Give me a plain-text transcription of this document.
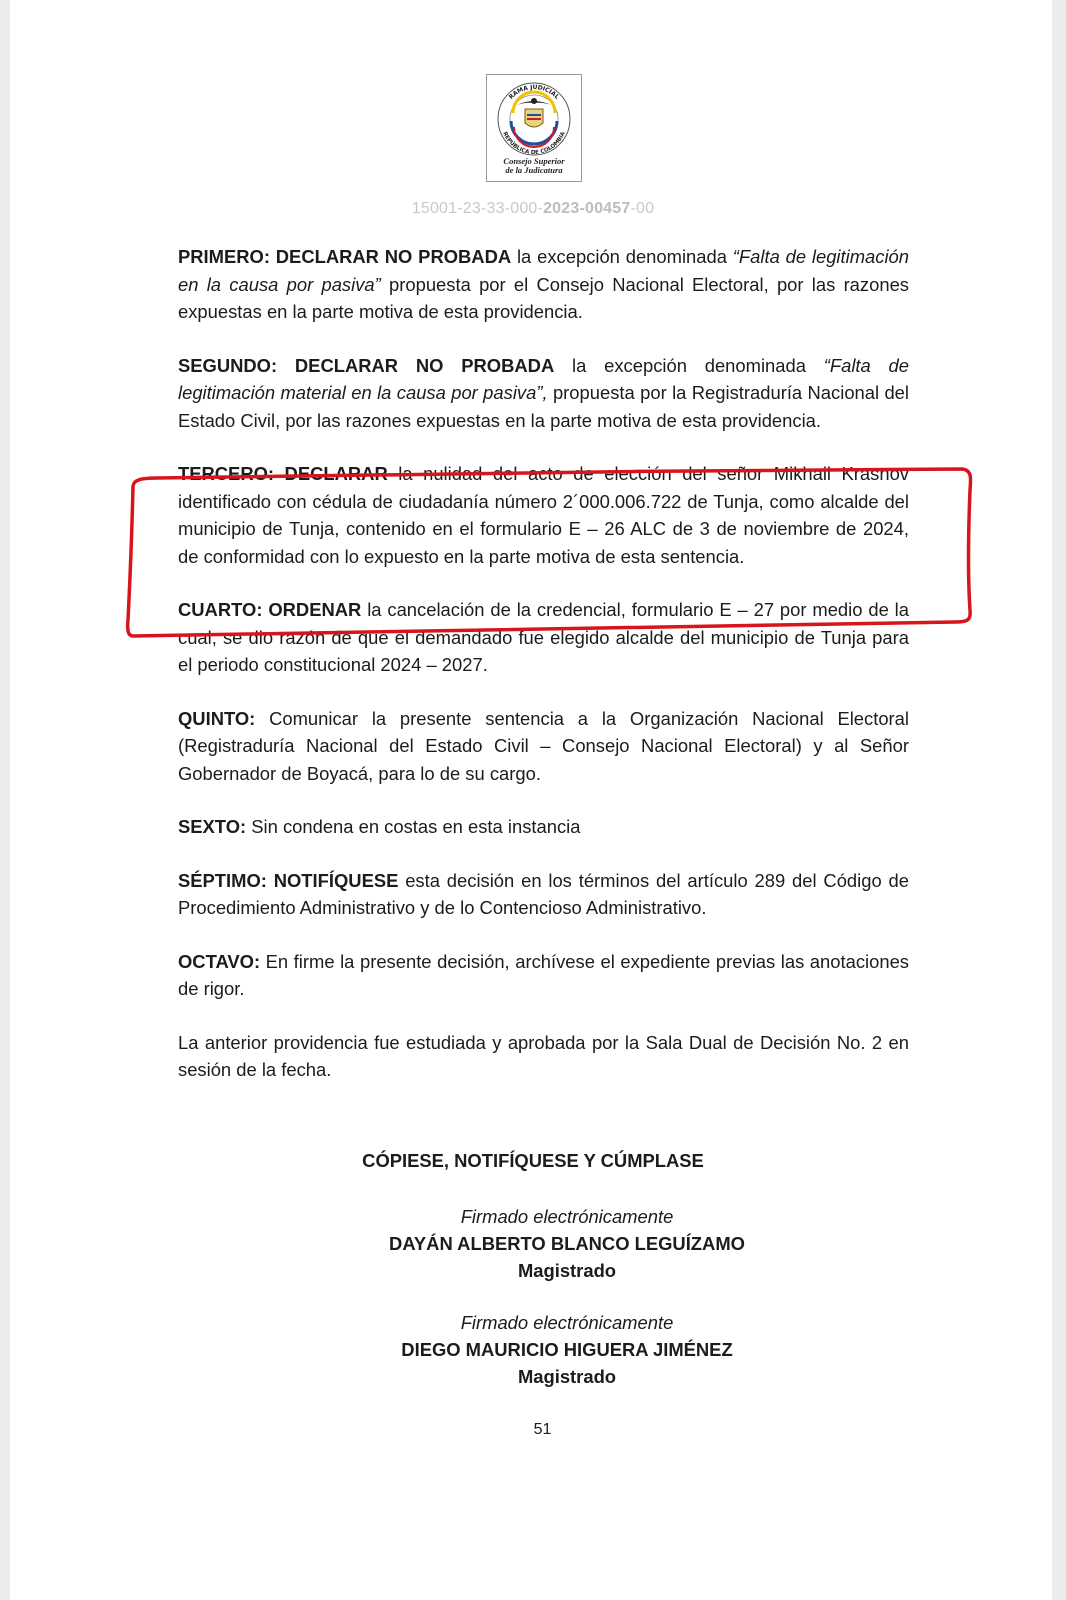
RAMA JUDICIAL
REPÚBLICA DE COLOMBIA
Consejo Superior
de la Judicatura
15001-23-33-000-2023-00457-00

PRIMERO: DECLARAR NO PROBADA la excepción denominada “Falta de legitimación en la causa por pasiva” propuesta por el Consejo Nacional Electoral, por las razones expuestas en la parte motiva de esta providencia.

SEGUNDO: DECLARAR NO PROBADA la excepción denominada “Falta de legitimación material en la causa por pasiva”, propuesta por la Registraduría Nacional del Estado Civil, por las razones expuestas en la parte motiva de esta providencia.

TERCERO: DECLARAR la nulidad del acto de elección del señor Mikhail Krasnov identificado con cédula de ciudadanía número 2´000.006.722 de Tunja, como alcalde del municipio de Tunja, contenido en el formulario E – 26 ALC de 3 de noviembre de 2024, de conformidad con lo expuesto en la parte motiva de esta sentencia.

CUARTO: ORDENAR la cancelación de la credencial, formulario E – 27 por medio de la cual, se dio razón de que el demandado fue elegido alcalde del municipio de Tunja para el periodo constitucional 2024 – 2027.

QUINTO: Comunicar la presente sentencia a la Organización Nacional Electoral (Registraduría Nacional del Estado Civil – Consejo Nacional Electoral) y al Señor Gobernador de Boyacá, para lo de su cargo.

SEXTO: Sin condena en costas en esta instancia

SÉPTIMO: NOTIFÍQUESE esta decisión en los términos del artículo 289 del Código de Procedimiento Administrativo y de lo Contencioso Administrativo.

OCTAVO: En firme la presente decisión, archívese el expediente previas las anotaciones de rigor.

La anterior providencia fue estudiada y aprobada por la Sala Dual de Decisión No. 2 en sesión de la fecha.

CÓPIESE, NOTIFÍQUESE Y CÚMPLASE
Firmado electrónicamente
DAYÁN ALBERTO BLANCO LEGUÍZAMO
Magistrado
Firmado electrónicamente
DIEGO MAURICIO HIGUERA JIMÉNEZ
Magistrado
51
